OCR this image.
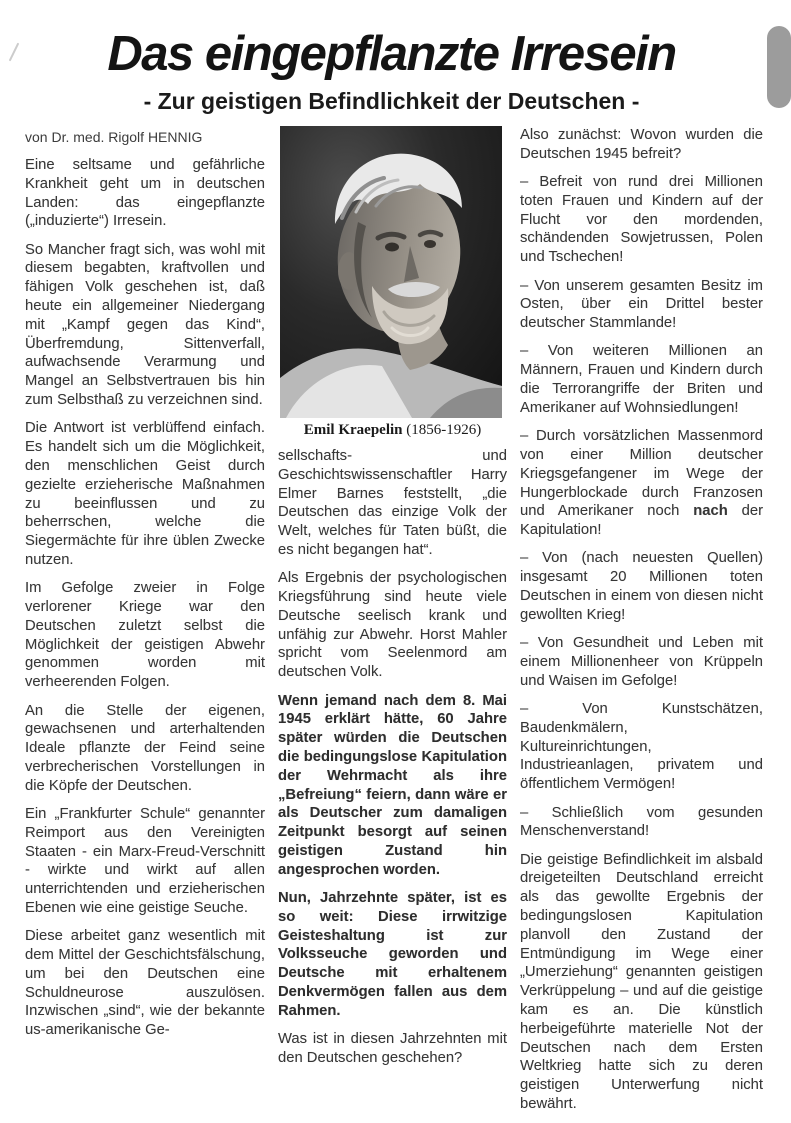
Das eingepflanzte Irresein
- Zur geistigen Befindlichkeit der Deutschen -
von Dr. med. Rigolf HENNIG

Eine seltsame und gefährliche Krankheit geht um in deutschen Landen: das eingepflanzte („induzierte“) Irresein.

So Mancher fragt sich, was wohl mit diesem begabten, kraftvollen und fähigen Volk geschehen ist, daß heute ein allgemeiner Niedergang mit „Kampf gegen das Kind“, Überfremdung, Sittenverfall, aufwachsende Verarmung und Mangel an Selbstvertrauen bis hin zum Selbsthaß zu verzeichnen sind.

Die Antwort ist verblüffend einfach. Es handelt sich um die Möglichkeit, den menschlichen Geist durch gezielte erzieherische Maßnahmen zu beeinflussen und zu beherrschen, welche die Siegermächte für ihre üblen Zwecke nutzen.

Im Gefolge zweier in Folge verlorener Kriege war den Deutschen zuletzt selbst die Möglichkeit der geistigen Abwehr genommen worden mit verheerenden Folgen.

An die Stelle der eigenen, gewachsenen und arterhaltenden Ideale pflanzte der Feind seine verbrecherischen Vorstellungen in die Köpfe der Deutschen.

Ein „Frankfurter Schule“ genannter Reimport aus den Vereinigten Staaten - ein Marx-Freud-Verschnitt - wirkte und wirkt auf allen unterrichtenden und erzieherischen Ebenen wie eine geistige Seuche.

Diese arbeitet ganz wesentlich mit dem Mittel der Geschichtsfälschung, um bei den Deutschen eine Schuldneurose auszulösen. Inzwischen „sind“, wie der bekannte us-amerikanische Ge-

Emil Kraepelin (1856-1926)

sellschafts- und Geschichtswissenschaftler Harry Elmer Barnes feststellt, „die Deutschen das einzige Volk der Welt, welches für Taten büßt, die es nicht begangen hat“.

Als Ergebnis der psychologischen Kriegsführung sind heute viele Deutsche seelisch krank und unfähig zur Abwehr. Horst Mahler spricht vom Seelenmord am deutschen Volk.

Wenn jemand nach dem 8. Mai 1945 erklärt hätte, 60 Jahre später würden die Deutschen die bedingungslose Kapitulation der Wehrmacht als ihre „Befreiung“ feiern, dann wäre er als Deutscher zum damaligen Zeitpunkt besorgt auf seinen geistigen Zustand hin angesprochen worden.

Nun, Jahrzehnte später, ist es so weit: Diese irrwitzige Geisteshaltung ist zur Volksseuche geworden und Deutsche mit erhaltenem Denkvermögen fallen aus dem Rahmen.

Was ist in diesen Jahrzehnten mit den Deutschen geschehen?

Also zunächst: Wovon wurden die Deutschen 1945 befreit?

– Befreit von rund drei Millionen toten Frauen und Kindern auf der Flucht vor den mordenden, schändenden Sowjetrussen, Polen und Tschechen!

– Von unserem gesamten Besitz im Osten, über ein Drittel bester deutscher Stammlande!

– Von weiteren Millionen an Männern, Frauen und Kindern durch die Terrorangriffe der Briten und Amerikaner auf Wohnsiedlungen!

– Durch vorsätzlichen Massenmord von einer Million deutscher Kriegsgefangener im Wege der Hungerblockade durch Franzosen und Amerikaner noch nach der Kapitulation!

– Von (nach neuesten Quellen) insgesamt 20 Millionen toten Deutschen in einem von diesen nicht gewollten Krieg!

– Von Gesundheit und Leben mit einem Millionenheer von Krüppeln und Waisen im Gefolge!

– Von Kunstschätzen, Baudenkmälern, Kultureinrichtungen, Industrieanlagen, privatem und öffentlichem Vermögen!

– Schließlich vom gesunden Menschenverstand!

Die geistige Befindlichkeit im alsbald dreigeteilten Deutschland erreicht als das gewollte Ergebnis der bedingungslosen Kapitulation planvoll den Zustand der Entmündigung im Wege einer „Umerziehung“ genannten geistigen Verkrüppelung – und auf die geistige kam es an. Die künstlich herbeigeführte materielle Not der Deutschen nach dem Ersten Weltkrieg hatte sich zu deren geistigen Unterwerfung nicht bewährt.
